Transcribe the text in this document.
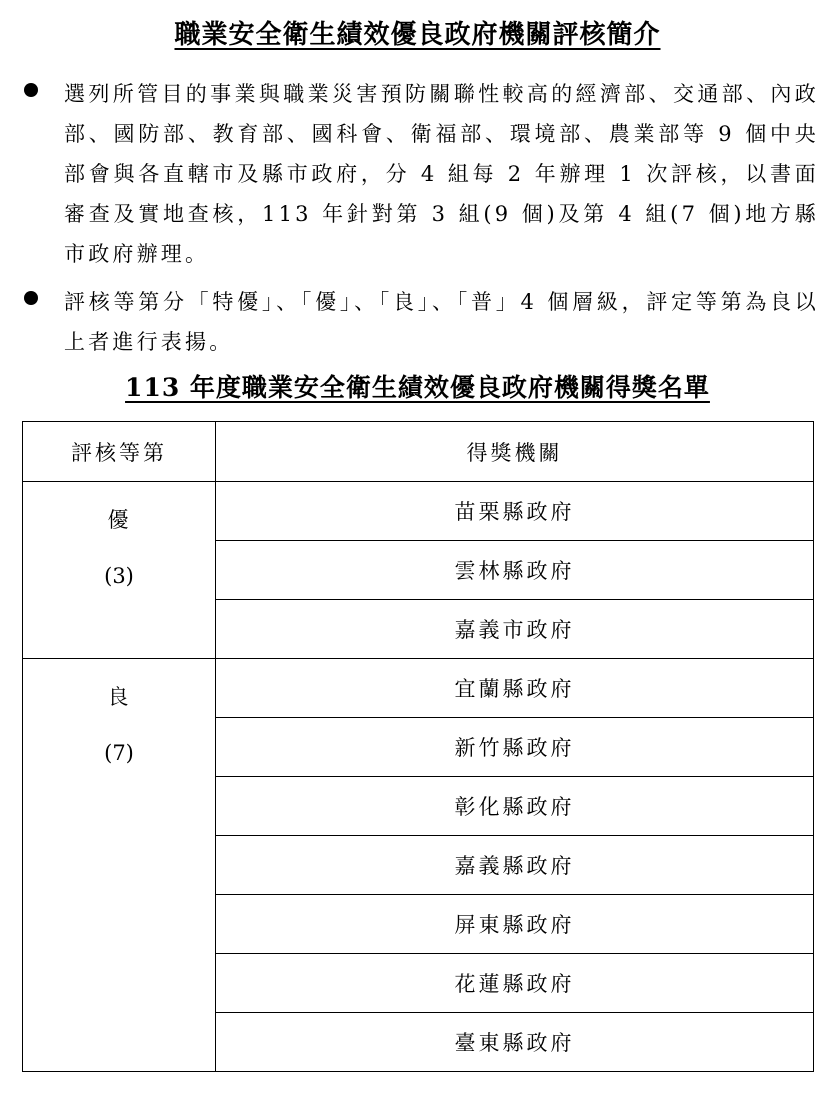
職業安全衛生績效優良政府機關評核簡介
選列所管目的事業與職業災害預防關聯性較高的經濟部、交通部、內政部、國防部、教育部、國科會、衛福部、環境部、農業部等 9 個中央部會與各直轄市及縣市政府，分 4 組每 2 年辦理 1 次評核，以書面審查及實地查核，113 年針對第 3 組(9 個)及第 4 組(7 個)地方縣市政府辦理。
評核等第分「特優」、「優」、「良」、「普」4 個層級，評定等第為良以上者進行表揚。
113 年度職業安全衛生績效優良政府機關得獎名單
評核等第	得獎機關

優
(3)	苗栗縣政府
	雲林縣政府
	嘉義市政府

良
(7)	宜蘭縣政府
	新竹縣政府
	彰化縣政府
	嘉義縣政府
	屏東縣政府
	花蓮縣政府
	臺東縣政府
